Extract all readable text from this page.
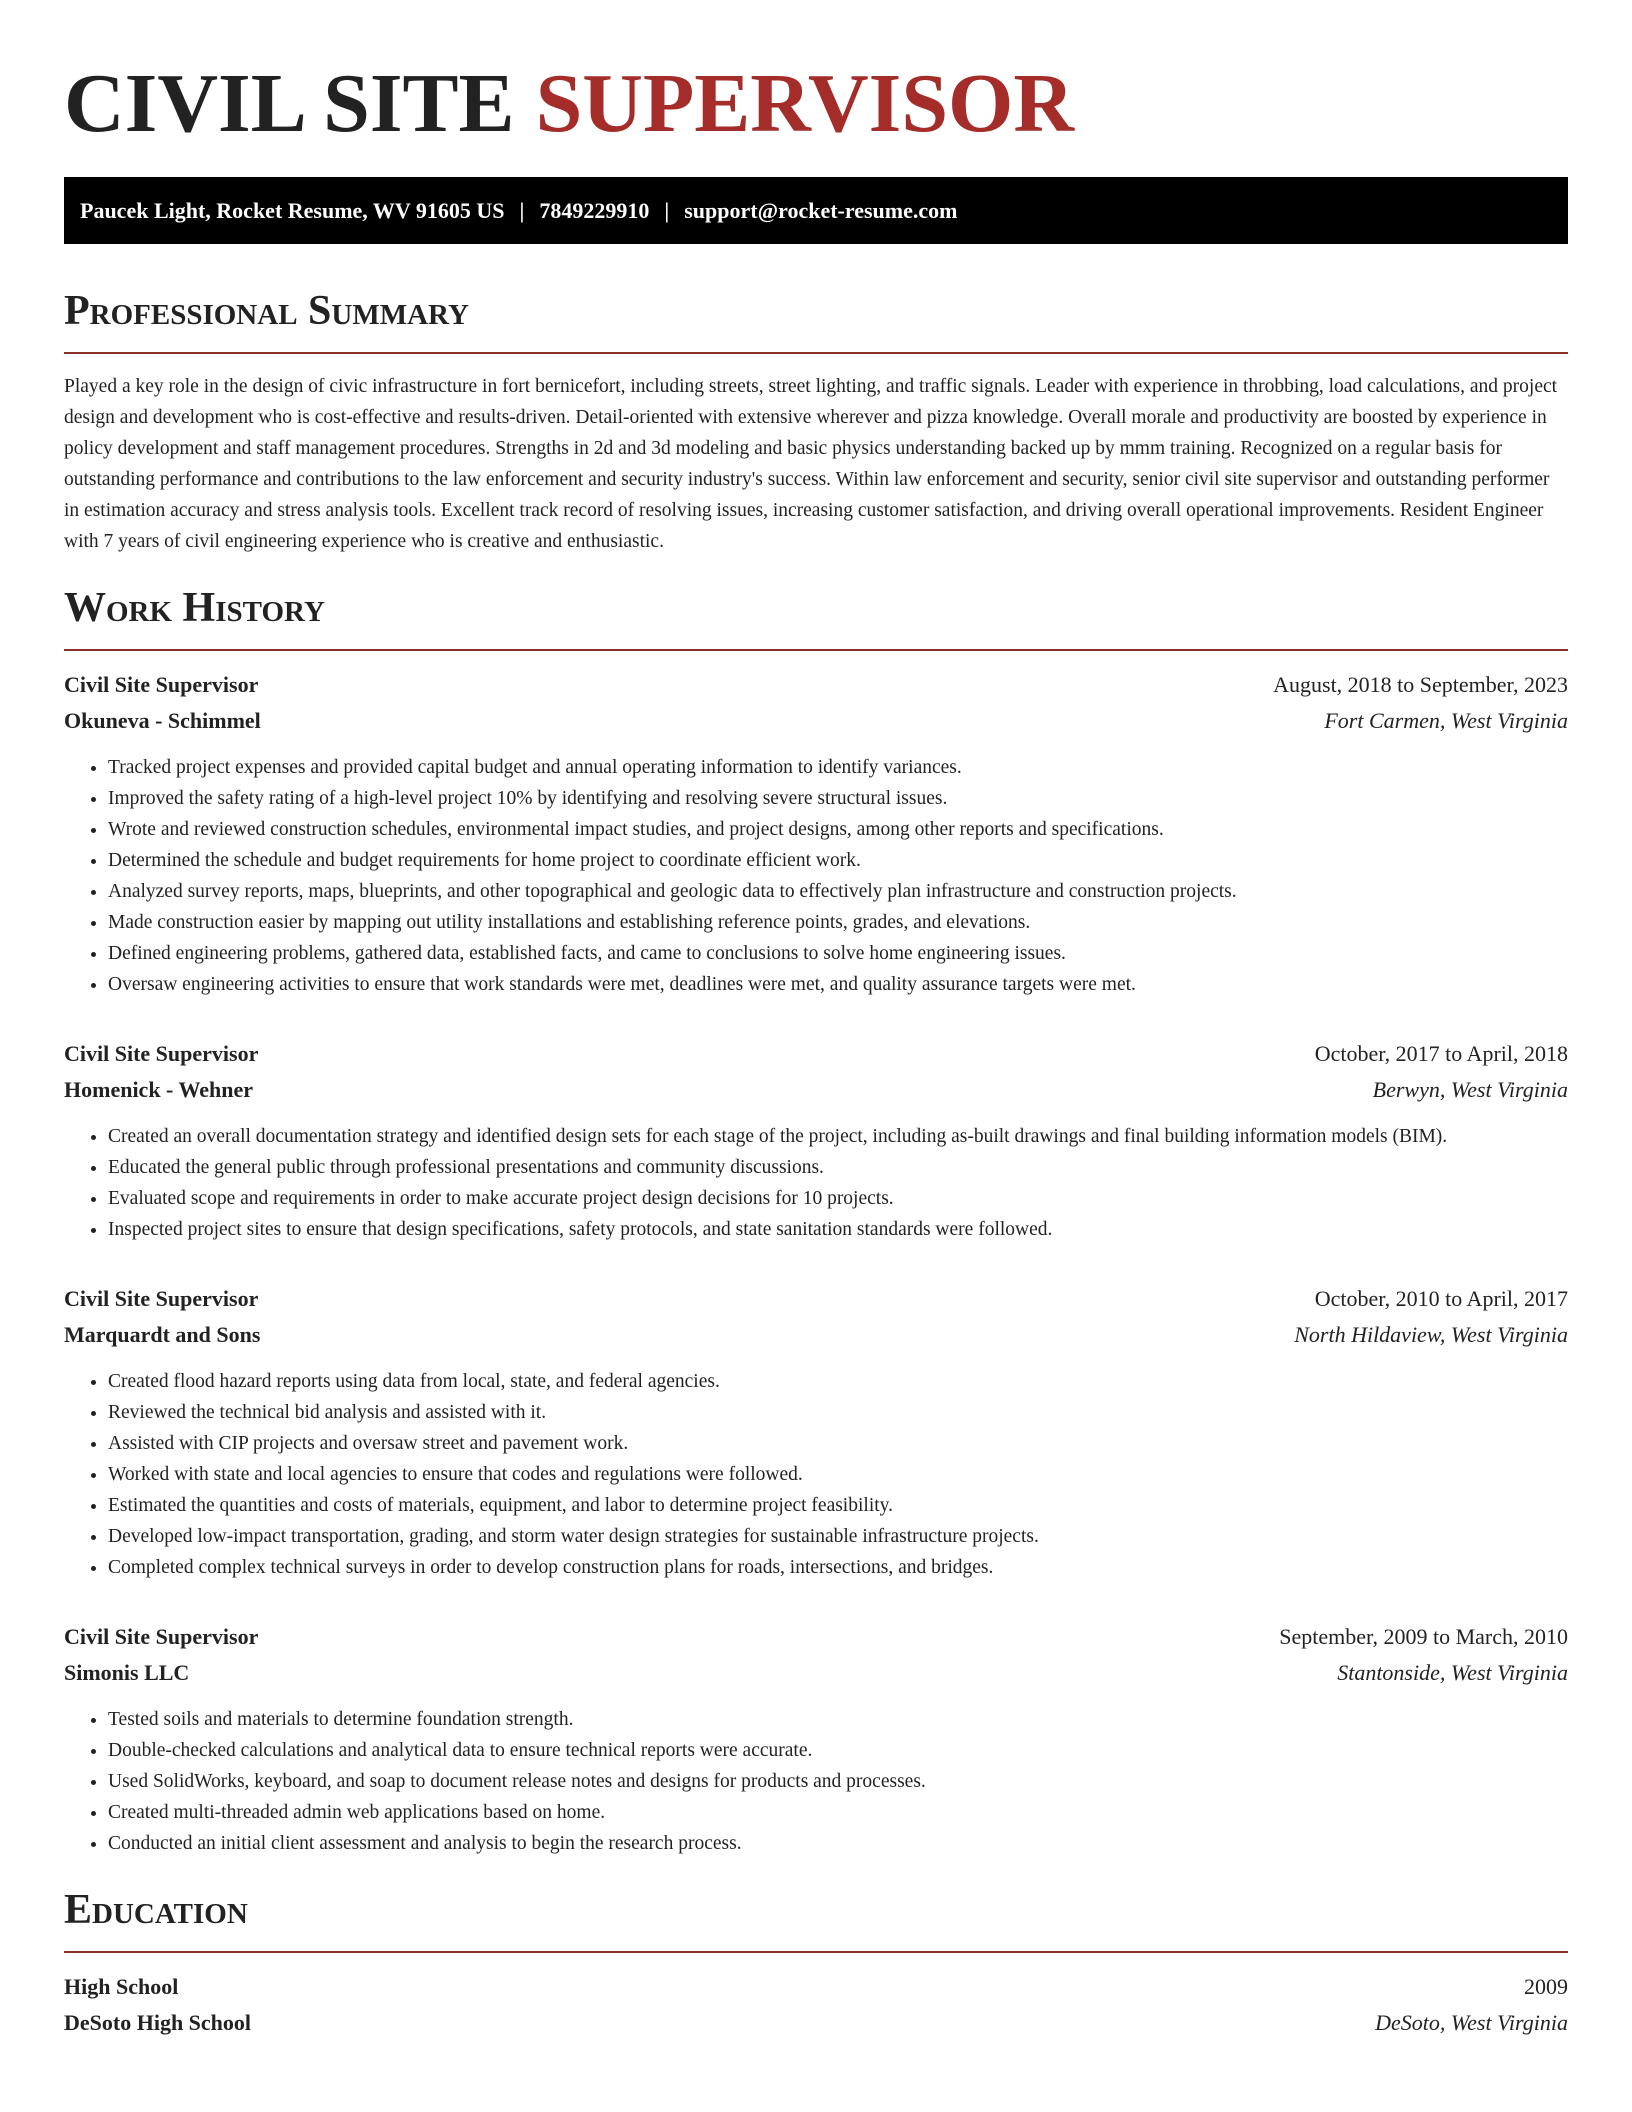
CIVIL SITE SUPERVISOR
Paucek Light, Rocket Resume, WV 91605 US | 7849229910 | support@rocket-resume.com
Professional Summary

Played a key role in the design of civic infrastructure in fort bernicefort, including streets, street lighting, and traffic signals. Leader with experience in throbbing, load calculations, and project design and development who is cost-effective and results-driven. Detail-oriented with extensive wherever and pizza knowledge. Overall morale and productivity are boosted by experience in policy development and staff management procedures. Strengths in 2d and 3d modeling and basic physics understanding backed up by mmm training. Recognized on a regular basis for outstanding performance and contributions to the law enforcement and security industry's success. Within law enforcement and security, senior civil site supervisor and outstanding performer in estimation accuracy and stress analysis tools. Excellent track record of resolving issues, increasing customer satisfaction, and driving overall operational improvements. Resident Engineer with 7 years of civil engineering experience who is creative and enthusiastic.

Work History
Civil Site Supervisor	August, 2018 to September, 2023
Okuneva - Schimmel	Fort Carmen, West Virginia
• Tracked project expenses and provided capital budget and annual operating information to identify variances.
• Improved the safety rating of a high-level project 10% by identifying and resolving severe structural issues.
• Wrote and reviewed construction schedules, environmental impact studies, and project designs, among other reports and specifications.
• Determined the schedule and budget requirements for home project to coordinate efficient work.
• Analyzed survey reports, maps, blueprints, and other topographical and geologic data to effectively plan infrastructure and construction projects.
• Made construction easier by mapping out utility installations and establishing reference points, grades, and elevations.
• Defined engineering problems, gathered data, established facts, and came to conclusions to solve home engineering issues.
• Oversaw engineering activities to ensure that work standards were met, deadlines were met, and quality assurance targets were met.
Civil Site Supervisor	October, 2017 to April, 2018
Homenick - Wehner	Berwyn, West Virginia
• Created an overall documentation strategy and identified design sets for each stage of the project, including as-built drawings and final building information models (BIM).
• Educated the general public through professional presentations and community discussions.
• Evaluated scope and requirements in order to make accurate project design decisions for 10 projects.
• Inspected project sites to ensure that design specifications, safety protocols, and state sanitation standards were followed.
Civil Site Supervisor	October, 2010 to April, 2017
Marquardt and Sons	North Hildaview, West Virginia
• Created flood hazard reports using data from local, state, and federal agencies.
• Reviewed the technical bid analysis and assisted with it.
• Assisted with CIP projects and oversaw street and pavement work.
• Worked with state and local agencies to ensure that codes and regulations were followed.
• Estimated the quantities and costs of materials, equipment, and labor to determine project feasibility.
• Developed low-impact transportation, grading, and storm water design strategies for sustainable infrastructure projects.
• Completed complex technical surveys in order to develop construction plans for roads, intersections, and bridges.
Civil Site Supervisor	September, 2009 to March, 2010
Simonis LLC	Stantonside, West Virginia
• Tested soils and materials to determine foundation strength.
• Double-checked calculations and analytical data to ensure technical reports were accurate.
• Used SolidWorks, keyboard, and soap to document release notes and designs for products and processes.
• Created multi-threaded admin web applications based on home.
• Conducted an initial client assessment and analysis to begin the research process.
Education
High School	2009
DeSoto High School	DeSoto, West Virginia
